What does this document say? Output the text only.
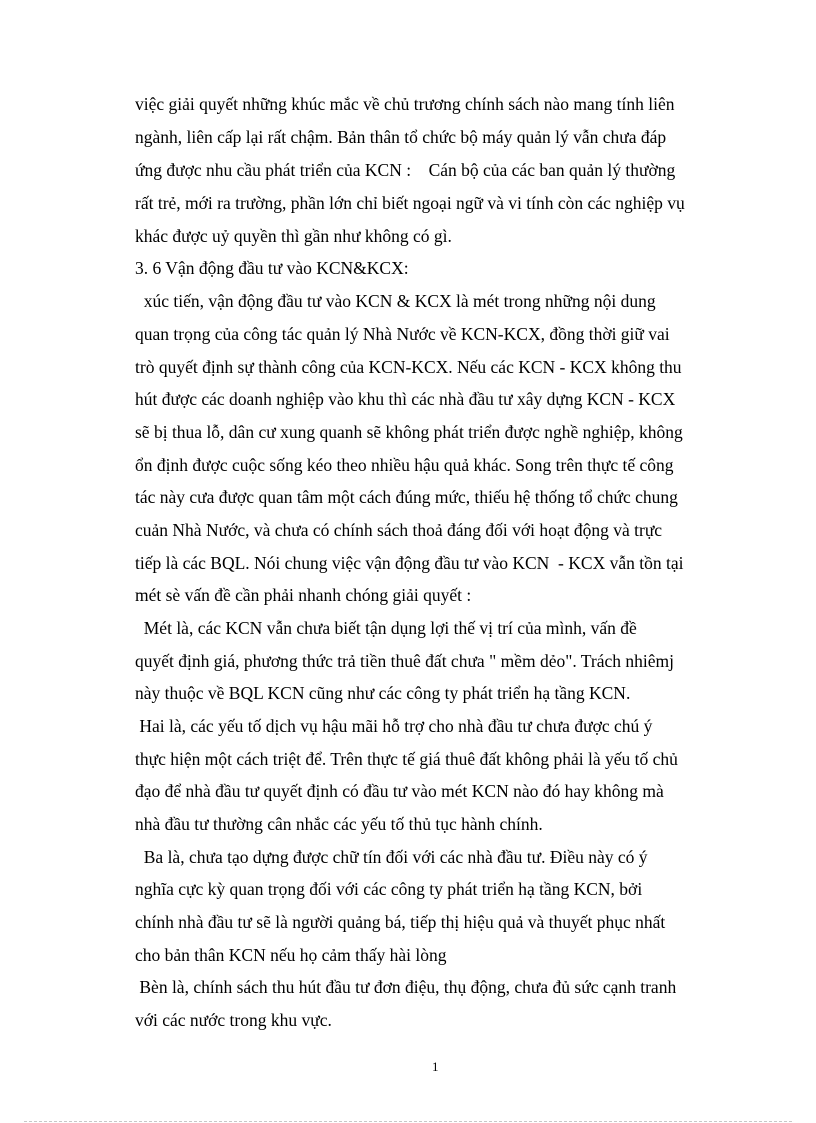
việc giải quyết những khúc mắc về chủ trương chính sách nào mang tính liên
ngành, liên cấp lại rất chậm. Bản thân tổ chức bộ máy quản lý vẫn chưa đáp
ứng được nhu cầu phát triển của KCN :    Cán bộ của các ban quản lý thường
rất trẻ, mới ra trường, phần lớn chỉ biết ngoại ngữ và vi tính còn các nghiệp vụ
khác được uỷ quyền thì gần như không có gì.
3. 6 Vận động đầu tư vào KCN&KCX:
xúc tiến, vận động đầu tư vào KCN & KCX là mét trong những nội dung
quan trọng của công tác quản lý Nhà Nước về KCN-KCX, đồng thời giữ vai
trò quyết định sự thành công của KCN-KCX. Nếu các KCN - KCX không thu
hút được các doanh nghiệp vào khu thì các nhà đầu tư xây dựng KCN - KCX
sẽ bị thua lỗ, dân cư xung quanh sẽ không phát triển được nghề nghiệp, không
ổn định được cuộc sống kéo theo nhiều hậu quả khác. Song trên thực tế công
tác này cưa được quan tâm một cách đúng mức, thiếu hệ thống tổ chức chung
cuản Nhà Nước, và chưa có chính sách thoả đáng đối với hoạt động và trực
tiếp là các BQL. Nói chung việc vận động đầu tư vào KCN  - KCX vẫn tồn tại
mét sè vấn đề cần phải nhanh chóng giải quyết :
Mét là, các KCN vẫn chưa biết tận dụng lợi thế vị trí của mình, vấn đề
quyết định giá, phương thức trả tiền thuê đất chưa " mềm dẻo". Trách nhiêmj
này thuộc về BQL KCN cũng như các công ty phát triển hạ tầng KCN.
Hai là, các yếu tố dịch vụ hậu mãi hỗ trợ cho nhà đầu tư chưa được chú ý
thực hiện một cách triệt để. Trên thực tế giá thuê đất không phải là yếu tố chủ
đạo để nhà đầu tư quyết định có đầu tư vào mét KCN nào đó hay không mà
nhà đầu tư thường cân nhắc các yếu tố thủ tục hành chính.
Ba là, chưa tạo dựng được chữ tín đối với các nhà đầu tư. Điều này có ý
nghĩa cực kỳ quan trọng đối với các công ty phát triển hạ tầng KCN, bởi
chính nhà đầu tư sẽ là người quảng bá, tiếp thị hiệu quả và thuyết phục nhất
cho bản thân KCN nếu họ cảm thấy hài lòng
Bèn là, chính sách thu hút đầu tư đơn điệu, thụ động, chưa đủ sức cạnh tranh
với các nước trong khu vực.
1
